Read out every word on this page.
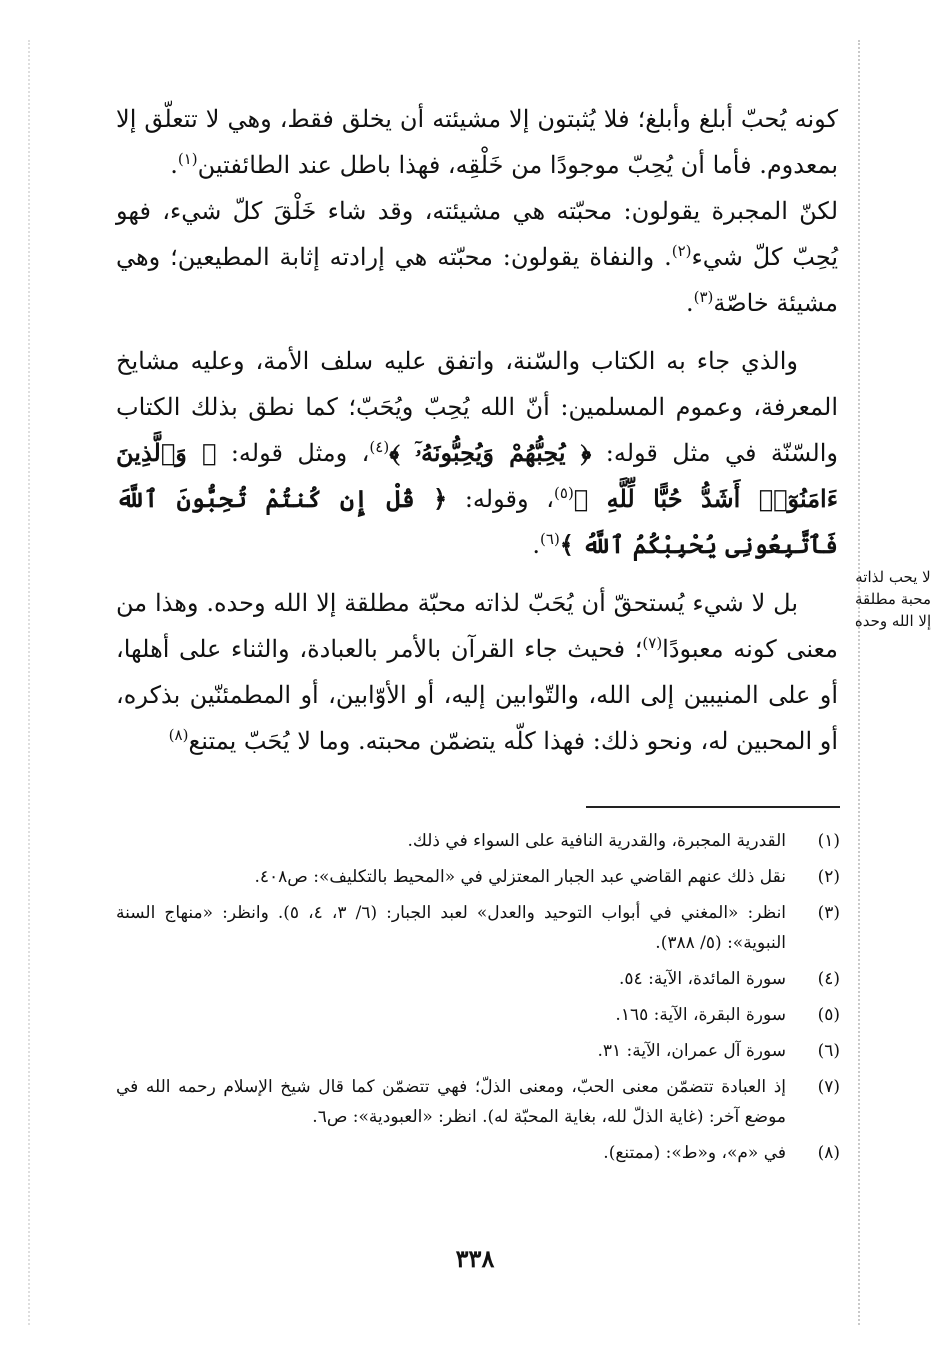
كونه يُحبّ أبلغ وأبلغ؛ فلا يُثبتون إلا مشيئته أن يخلق فقط، وهي لا تتعلّق إلا بمعدوم. فأما أن يُحِبّ موجودًا من خَلْقِه، فهذا باطل عند الطائفتين$^{(١)}$.

لكنّ المجبرة يقولون: محبّته هي مشيئته، وقد شاء خَلْقَ كلّ شيء، فهو يُحِبّ كلّ شيء$^{(٢)}$. والنفاة يقولون: محبّته هي إرادته إثابة المطيعين؛ وهي مشيئة خاصّة$^{(٣)}$.

والذي جاء به الكتاب والسّنة، واتفق عليه سلف الأمة، وعليه مشايخ المعرفة، وعموم المسلمين: أنّ الله يُحِبّ ويُحَبّ؛ كما نطق بذلك الكتاب والسّنّة في مثل قوله: ﴿ يُحِبُّهُمْ وَيُحِبُّونَهُۥٓ ﴾$^{(٤)}$، ومثل قوله: ﴿ وَٱلَّذِينَ ءَامَنُوٓا۟ أَشَدُّ حُبًّا لِّلَّهِ ﴾$^{(٥)}$، وقوله: ﴿ قُلْ إِن كُنتُمْ تُحِبُّونَ ٱللَّهَ فَٱتَّبِعُونِى يُحْبِبْكُمُ ٱللَّهُ ﴾$^{(٦)}$.

بل لا شيء يُستحقّ أن يُحَبّ لذاته محبّة مطلقة إلا الله وحده. وهذا من معنى كونه معبودًا$^{(٧)}$؛ فحيث جاء القرآن بالأمر بالعبادة، والثناء على أهلها، أو على المنيبين إلى الله، والتّوابين إليه، أو الأوّابين، أو المطمئنّين بذكره، أو المحبين له، ونحو ذلك: فهذا كلّه يتضمّن محبته. وما لا يُحَبّ يمتنع$^{(٨)}$

لا يحب لذاته
محبة مطلقة
إلا الله وحده
(١)
القدرية المجبرة، والقدرية النافية على السواء في ذلك.
(٢)
نقل ذلك عنهم القاضي عبد الجبار المعتزلي في «المحيط بالتكليف»: ص٤٠٨.
(٣)
انظر: «المغني في أبواب التوحيد والعدل» لعبد الجبار: (٦/ ٣، ٤، ٥). وانظر: «منهاج السنة النبوية»: (٥/ ٣٨٨).
(٤)
سورة المائدة، الآية: ٥٤.
(٥)
سورة البقرة، الآية: ١٦٥.
(٦)
سورة آل عمران، الآية: ٣١.
(٧)
إذ العبادة تتضمّن معنى الحبّ، ومعنى الذلّ؛ فهي تتضمّن كما قال شيخ الإسلام رحمه الله في موضع آخر: (غاية الذلّ لله، بغاية المحبّة له). انظر: «العبودية»: ص٦.
(٨)
في «م»، و«ط»: (ممتنع).
٣٣٨
